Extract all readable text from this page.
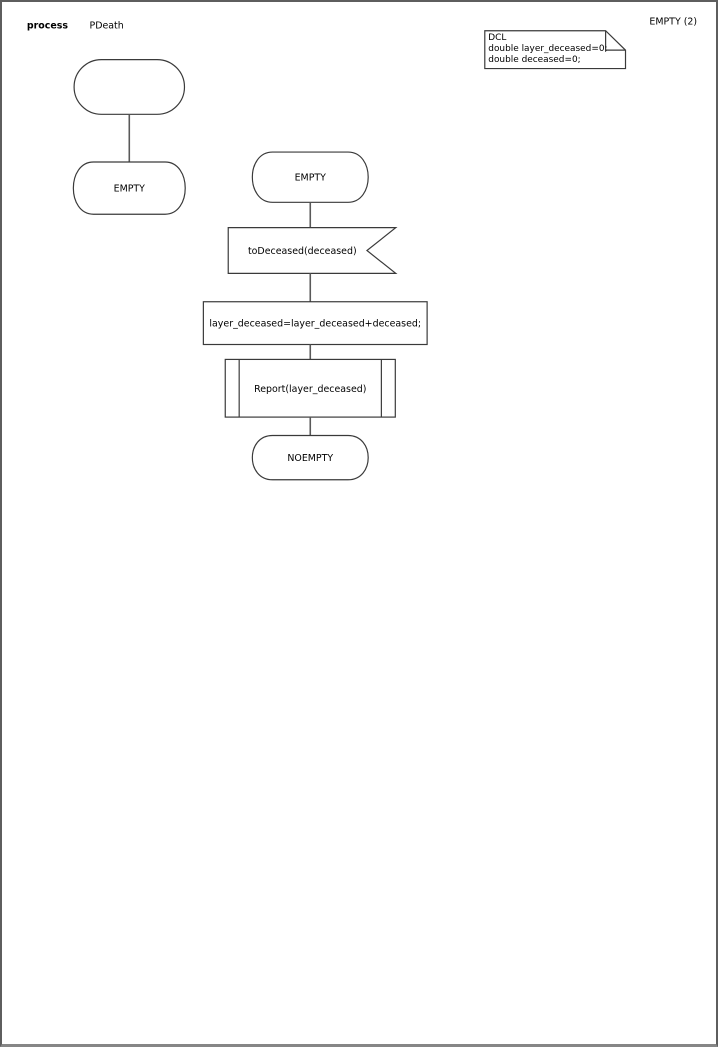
process PDeath	EMPTY (2)
DCL
double layer_deceased=0;
double deceased=0;
EMPTY
EMPTY
toDeceased(deceased)
layer_deceased=layer_deceased+deceased;
Report(layer_deceased)
NOEMPTY
